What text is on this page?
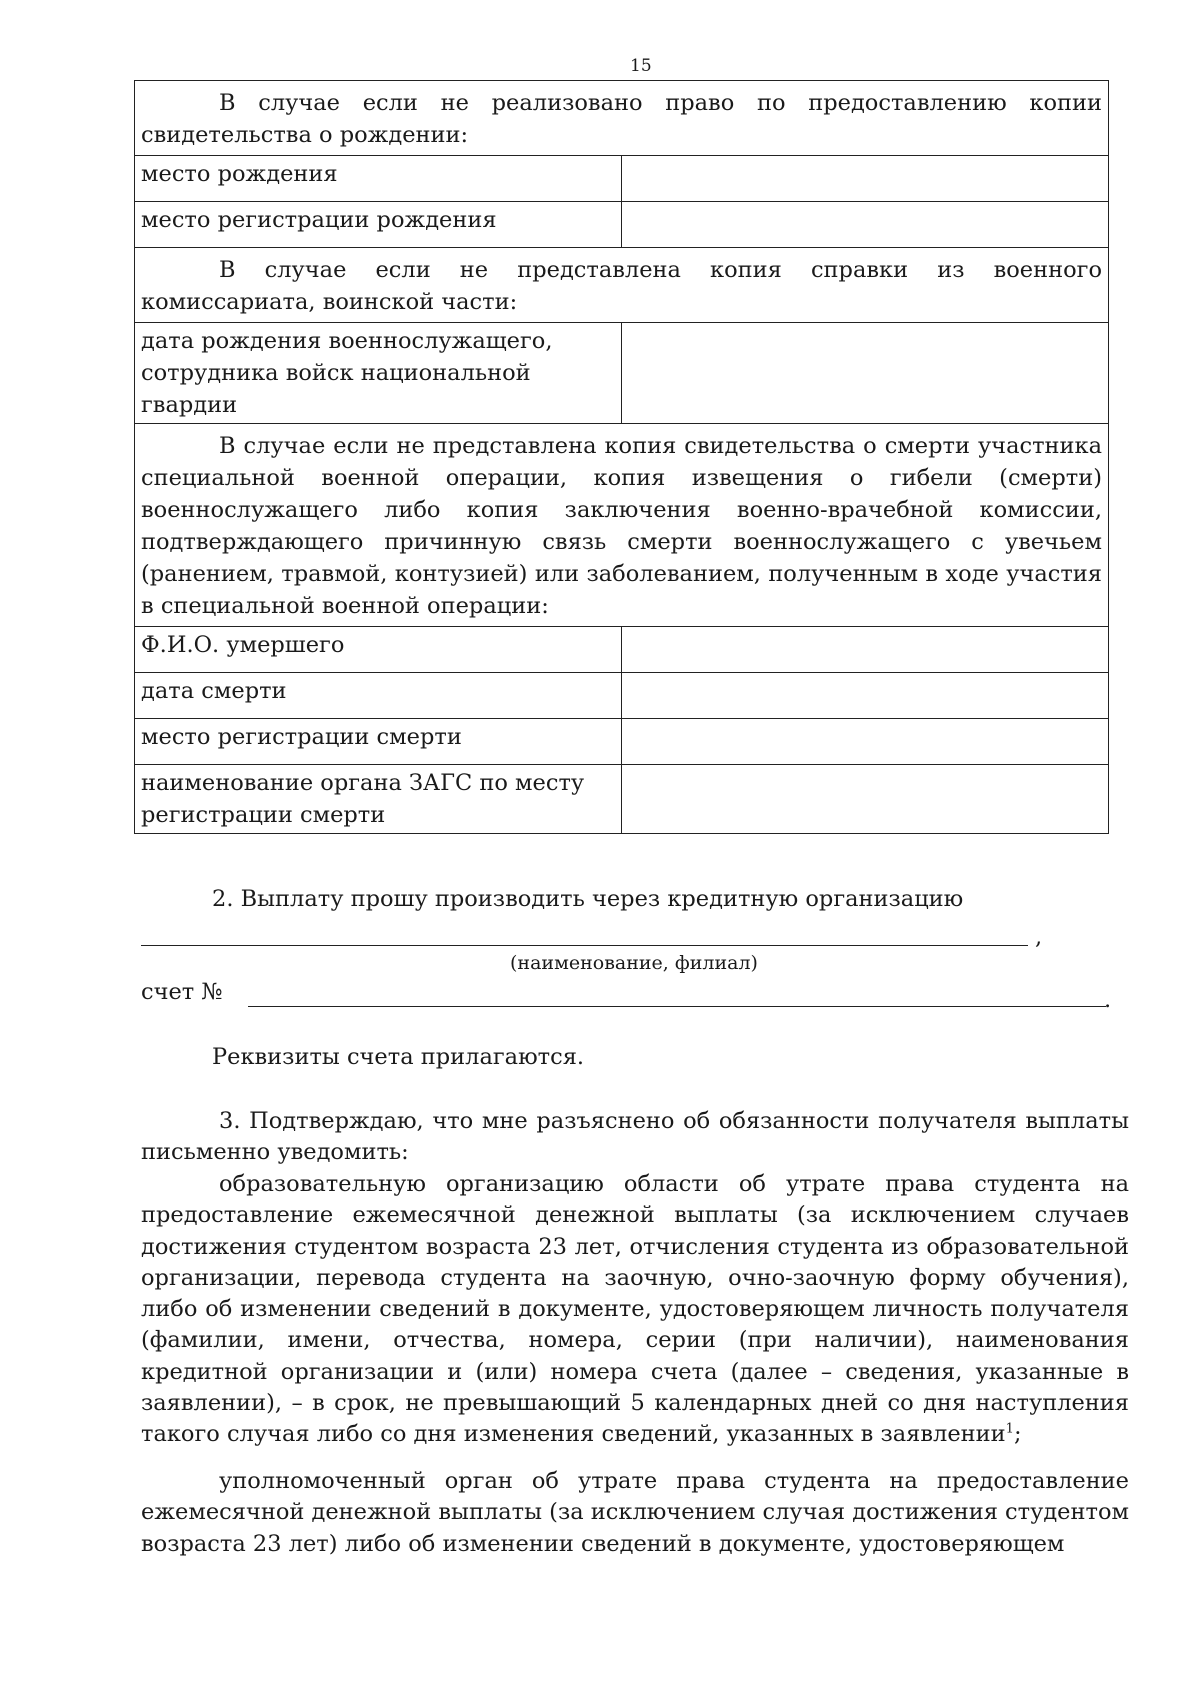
15
В случае если не реализовано право по предоставлению копии свидетельства о рождении:	
место рождения	
место регистрации рождения	
В случае если не представлена копия справки из военного комиссариата, воинской части:	
дата рождения военнослужащего, сотрудника войск национальной гвардии	
В случае если не представлена копия свидетельства о смерти участника специальной военной операции, копия извещения о гибели (смерти) военнослужащего либо копия заключения военно-врачебной комиссии, подтверждающего причинную связь смерти военнослужащего с увечьем (ранением, травмой, контузией) или заболеванием, полученным в ходе участия в специальной военной операции:	
Ф.И.О. умершего	
дата смерти	
место регистрации смерти	
наименование органа ЗАГС по месту регистрации смерти	
2. Выплату прошу производить через кредитную организацию
,
(наименование, филиал)
счет №	.
Реквизиты счета прилагаются.
3. Подтверждаю, что мне разъяснено об обязанности получателя выплаты письменно уведомить:
образовательную организацию области об утрате права студента на предоставление ежемесячной денежной выплаты (за исключением случаев достижения студентом возраста 23 лет, отчисления студента из образовательной организации, перевода студента на заочную, очно-заочную форму обучения), либо об изменении сведений в документе, удостоверяющем личность получателя (фамилии, имени, отчества, номера, серии (при наличии), наименования кредитной организации и (или) номера счета (далее – сведения, указанные в заявлении), – в срок, не превышающий 5 календарных дней со дня наступления такого случая либо со дня изменения сведений, указанных в заявлении$^1$;
уполномоченный орган об утрате права студента на предоставление ежемесячной денежной выплаты (за исключением случая достижения студентом возраста 23 лет) либо об изменении сведений в документе, удостоверяющем
